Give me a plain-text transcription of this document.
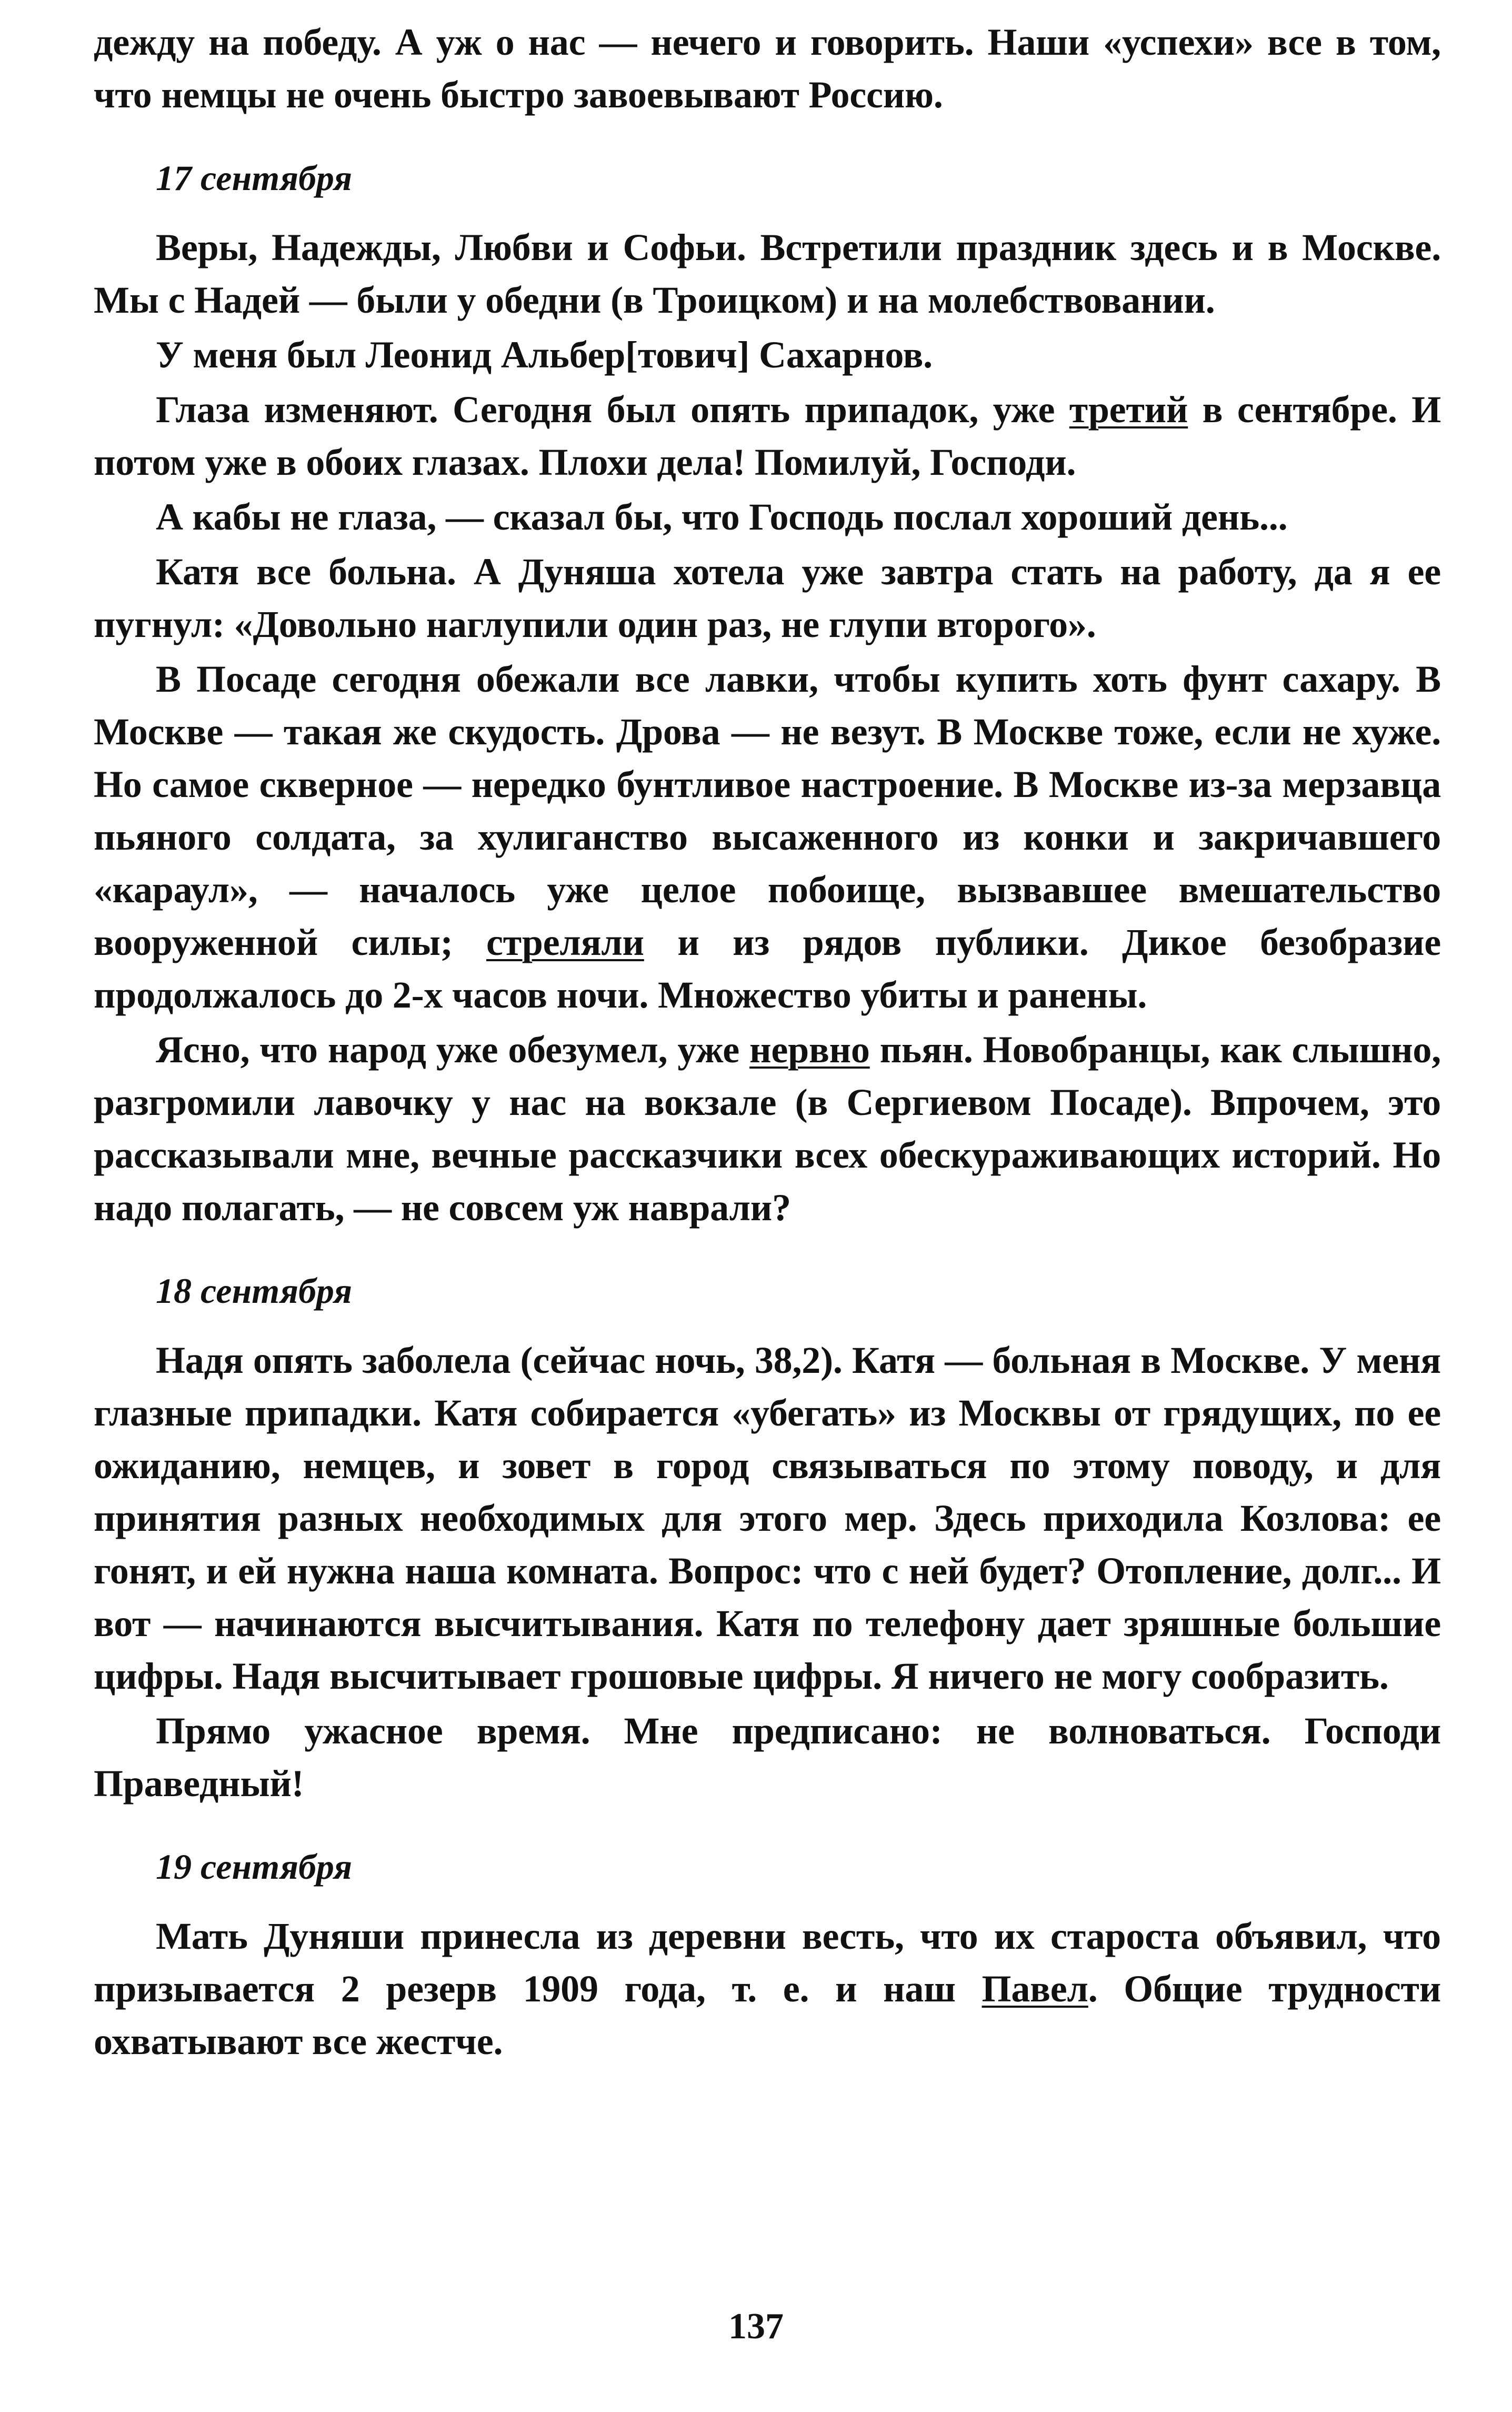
дежду на победу. А уж о нас — нечего и говорить. Наши «успехи» все в том, что немцы не очень быстро завоевывают Россию.

17 сентября

Веры, Надежды, Любви и Софьи. Встретили праздник здесь и в Москве. Мы с Надей — были у обедни (в Троицком) и на молебствовании.

У меня был Леонид Альбер[тович] Сахарнов.

Глаза изменяют. Сегодня был опять припадок, уже третий в сентябре. И потом уже в обоих глазах. Плохи дела! Помилуй, Господи.

А кабы не глаза, — сказал бы, что Господь послал хороший день...

Катя все больна. А Дуняша хотела уже завтра стать на работу, да я ее пугнул: «Довольно наглупили один раз, не глупи второго».

В Посаде сегодня обежали все лавки, чтобы купить хоть фунт сахару. В Москве — такая же скудость. Дрова — не везут. В Москве тоже, если не хуже. Но самое скверное — нередко бунтливое настроение. В Москве из-за мерзавца пьяного солдата, за хулиганство высаженного из конки и закричавшего «караул», — началось уже целое побоище, вызвавшее вмешательство вооруженной силы; стреляли и из рядов публики. Дикое безобразие продолжалось до 2-х часов ночи. Множество убиты и ранены.

Ясно, что народ уже обезумел, уже нервно пьян. Новобранцы, как слышно, разгромили лавочку у нас на вокзале (в Сергиевом Посаде). Впрочем, это рассказывали мне, вечные рассказчики всех обескураживающих историй. Но надо полагать, — не совсем уж наврали?

18 сентября

Надя опять заболела (сейчас ночь, 38,2). Катя — больная в Москве. У меня глазные припадки. Катя собирается «убегать» из Москвы от грядущих, по ее ожиданию, немцев, и зовет в город связываться по этому поводу, и для принятия разных необходимых для этого мер. Здесь приходила Козлова: ее гонят, и ей нужна наша комната. Вопрос: что с ней будет? Отопление, долг... И вот — начинаются высчитывания. Катя по телефону дает зряшные большие цифры. Надя высчитывает грошовые цифры. Я ничего не могу сообразить.

Прямо ужасное время. Мне предписано: не волноваться. Господи Праведный!

19 сентября

Мать Дуняши принесла из деревни весть, что их староста объявил, что призывается 2 резерв 1909 года, т. е. и наш Павел. Общие трудности охватывают все жестче.

137
